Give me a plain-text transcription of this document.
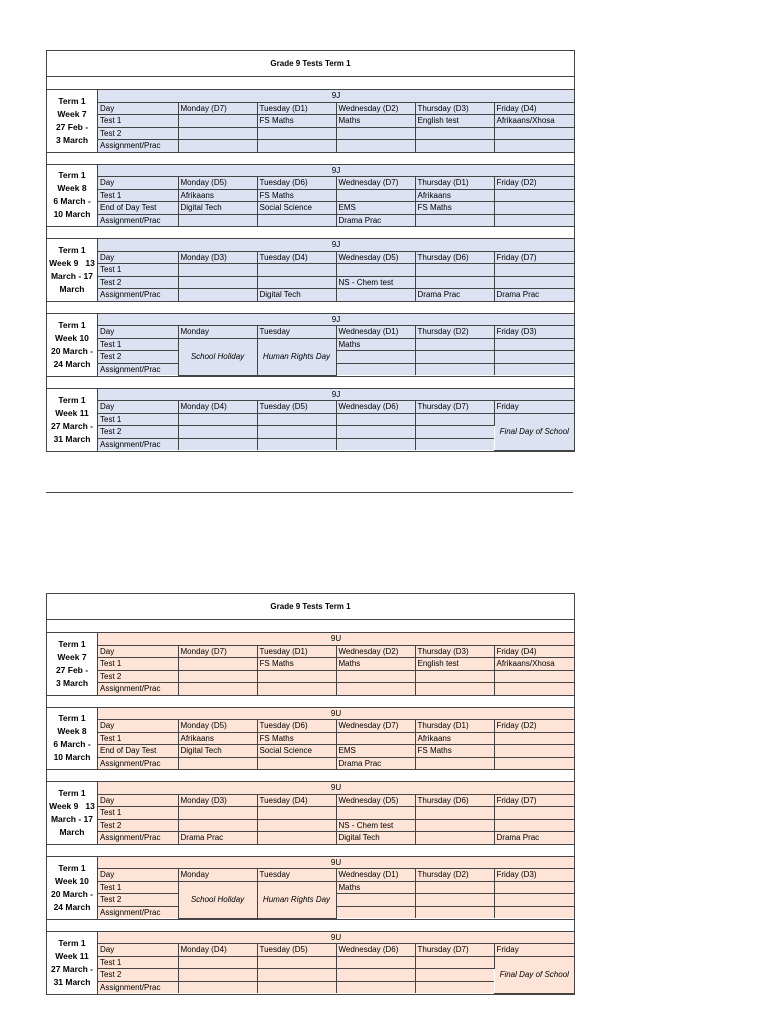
Grade 9 Tests Term 1
Term 1
Week 7
27 Feb -
3 March
9J					
Day	Monday (D7)	Tuesday (D1)	Wednesday (D2)	Thursday (D3)	Friday (D4)
Test 1		FS Maths	Maths	English test	Afrikaans/Xhosa
Test 2					
Assignment/Prac					
Term 1
Week 8
6 March -
10 March
9J					
Day	Monday (D5)	Tuesday (D6)	Wednesday (D7)	Thursday (D1)	Friday (D2)
Test 1	Afrikaans	FS Maths		Afrikaans	
End of Day Test	Digital Tech	Social Science	EMS	FS Maths	
Assignment/Prac			Drama Prac		
Term 1
Week 9   13
March - 17
March
9J					
Day	Monday (D3)	Tuesday (D4)	Wednesday (D5)	Thursday (D6)	Friday (D7)
Test 1					
Test 2			NS - Chem test		
Assignment/Prac		Digital Tech		Drama Prac	Drama Prac
Term 1
Week 10
20 March -
24 March
9J					
Day	Monday	Tuesday	Wednesday (D1)	Thursday (D2)	Friday (D3)
Test 1	School Holiday	Human Rights Day	Maths		
Test 2					
Assignment/Prac					
Term 1
Week 11
27 March -
31 March
9J					
Day	Monday (D4)	Tuesday (D5)	Wednesday (D6)	Thursday (D7)	Friday
Test 1					Final Day of School
Test 2					
Assignment/Prac					
Grade 9 Tests Term 1
Term 1
Week 7
27 Feb -
3 March
9U					
Day	Monday (D7)	Tuesday (D1)	Wednesday (D2)	Thursday (D3)	Friday (D4)
Test 1		FS Maths	Maths	English test	Afrikaans/Xhosa
Test 2					
Assignment/Prac					
Term 1
Week 8
6 March -
10 March
9U					
Day	Monday (D5)	Tuesday (D6)	Wednesday (D7)	Thursday (D1)	Friday (D2)
Test 1	Afrikaans	FS Maths		Afrikaans	
End of Day Test	Digital Tech	Social Science	EMS	FS Maths	
Assignment/Prac			Drama Prac		
Term 1
Week 9   13
March - 17
March
9U					
Day	Monday (D3)	Tuesday (D4)	Wednesday (D5)	Thursday (D6)	Friday (D7)
Test 1					
Test 2			NS - Chem test		
Assignment/Prac	Drama Prac		Digital Tech		Drama Prac
Term 1
Week 10
20 March -
24 March
9U					
Day	Monday	Tuesday	Wednesday (D1)	Thursday (D2)	Friday (D3)
Test 1	School Holiday	Human Rights Day	Maths		
Test 2					
Assignment/Prac					
Term 1
Week 11
27 March -
31 March
9U					
Day	Monday (D4)	Tuesday (D5)	Wednesday (D6)	Thursday (D7)	Friday
Test 1					Final Day of School
Test 2					
Assignment/Prac					
